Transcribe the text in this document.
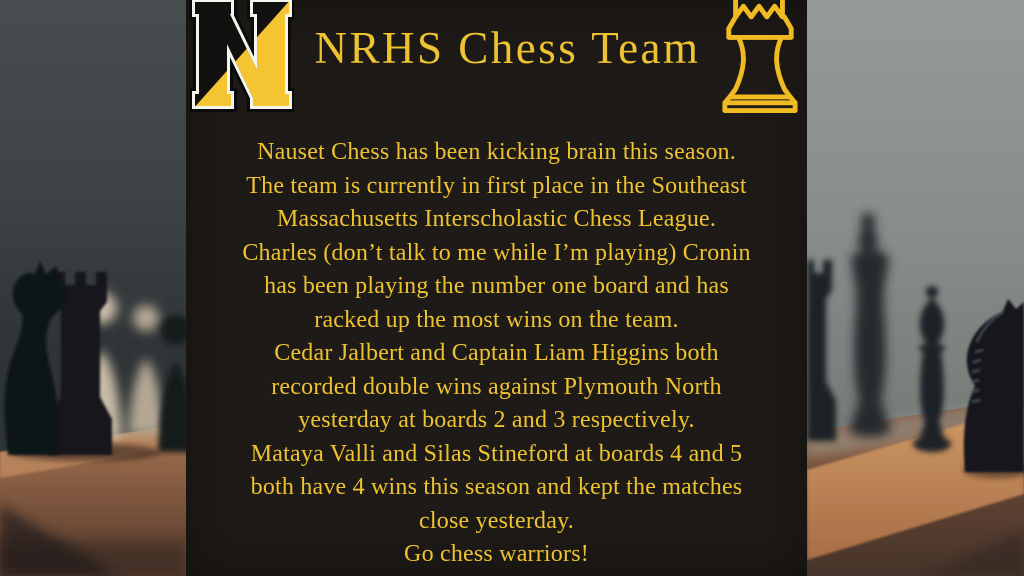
NRHS Chess Team
Nauset Chess has been kicking brain this season.
The team is currently in first place in the Southeast
Massachusetts Interscholastic Chess League.
Charles (don’t talk to me while I’m playing) Cronin
has been playing the number one board and has
racked up the most wins on the team.
Cedar Jalbert and Captain Liam Higgins both
recorded double wins against Plymouth North
yesterday at boards 2 and 3 respectively.
Mataya Valli and Silas Stineford at boards 4 and 5
both have 4 wins this season and kept the matches
close yesterday.
Go chess warriors!
